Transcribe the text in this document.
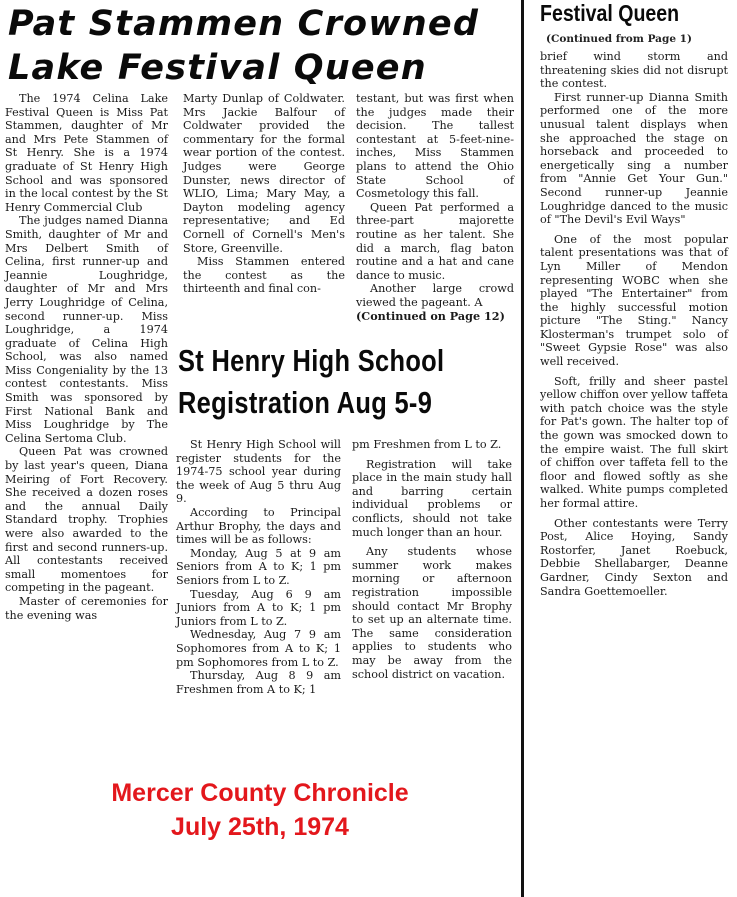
Pat Stammen Crowned
Lake Festival Queen

The 1974 Celina Lake Festival Queen is Miss Pat Stammen, daughter of Mr and Mrs Pete Stammen of St Henry. She is a 1974 graduate of St Henry High School and was sponsored in the local contest by the St Henry Commercial Club

The judges named Dianna Smith, daughter of Mr and Mrs Delbert Smith of Celina, first runner-up and Jeannie Loughridge, daughter of Mr and Mrs Jerry Loughridge of Celina, second runner-up. Miss Loughridge, a 1974 graduate of Celina High School, was also named Miss Congeniality by the 13 contest contestants. Miss Smith was sponsored by First National Bank and Miss Loughridge by The Celina Sertoma Club.

Queen Pat was crowned by last year's queen, Diana Meiring of Fort Recovery. She received a dozen roses and the annual Daily Standard trophy. Trophies were also awarded to the first and second runners-up. All contestants received small momentoes for competing in the pageant.

Master of ceremonies for the evening was

Marty Dunlap of Coldwater. Mrs Jackie Balfour of Coldwater provided the commentary for the formal wear portion of the contest. Judges were George Dunster, news director of WLIO, Lima; Mary May, a Dayton modeling agency representative; and Ed Cornell of Cornell's Men's Store, Greenville.

Miss Stammen entered the contest as the thirteenth and final con-

testant, but was first when the judges made their decision. The tallest contestant at 5-feet-nine-inches, Miss Stammen plans to attend the Ohio State School of Cosmetology this fall.

Queen Pat performed a three-part majorette routine as her talent. She did a march, flag baton routine and a hat and cane dance to music.

Another large crowd viewed the pageant. A

(Continued on Page 12)

St Henry High School
Registration Aug 5-9

St Henry High School will register students for the 1974-75 school year during the week of Aug 5 thru Aug 9.

According to Principal Arthur Brophy, the days and times will be as follows:

Monday, Aug 5 at 9 am Seniors from A to K; 1 pm Seniors from L to Z.

Tuesday, Aug 6 9 am Juniors from A to K; 1 pm Juniors from L to Z.

Wednesday, Aug 7 9 am Sophomores from A to K; 1 pm Sophomores from L to Z.

Thursday, Aug 8 9 am Freshmen from A to K; 1

pm Freshmen from L to Z.

Registration will take place in the main study hall and barring certain individual problems or conflicts, should not take much longer than an hour.

Any students whose summer work makes morning or afternoon registration impossible should contact Mr Brophy to set up an alternate time. The same consideration applies to students who may be away from the school district on vacation.

Festival Queen
(Continued from Page 1)

brief wind storm and threatening skies did not disrupt the contest.

First runner-up Dianna Smith performed one of the more unusual talent displays when she approached the stage on horseback and proceeded to energetically sing a number from "Annie Get Your Gun." Second runner-up Jeannie Loughridge danced to the music of "The Devil's Evil Ways"

One of the most popular talent presentations was that of Lyn Miller of Mendon representing WOBC when she played "The Entertainer" from the highly successful motion picture "The Sting." Nancy Klosterman's trumpet solo of "Sweet Gypsie Rose" was also well received.

Soft, frilly and sheer pastel yellow chiffon over yellow taffeta with patch choice was the style for Pat's gown. The halter top of the gown was smocked down to the empire waist. The full skirt of chiffon over taffeta fell to the floor and flowed softly as she walked. White pumps completed her formal attire.

Other contestants were Terry Post, Alice Hoying, Sandy Rostorfer, Janet Roebuck, Debbie Shellabarger, Deanne Gardner, Cindy Sexton and Sandra Goettemoeller.

Mercer County Chronicle
July 25th, 1974
